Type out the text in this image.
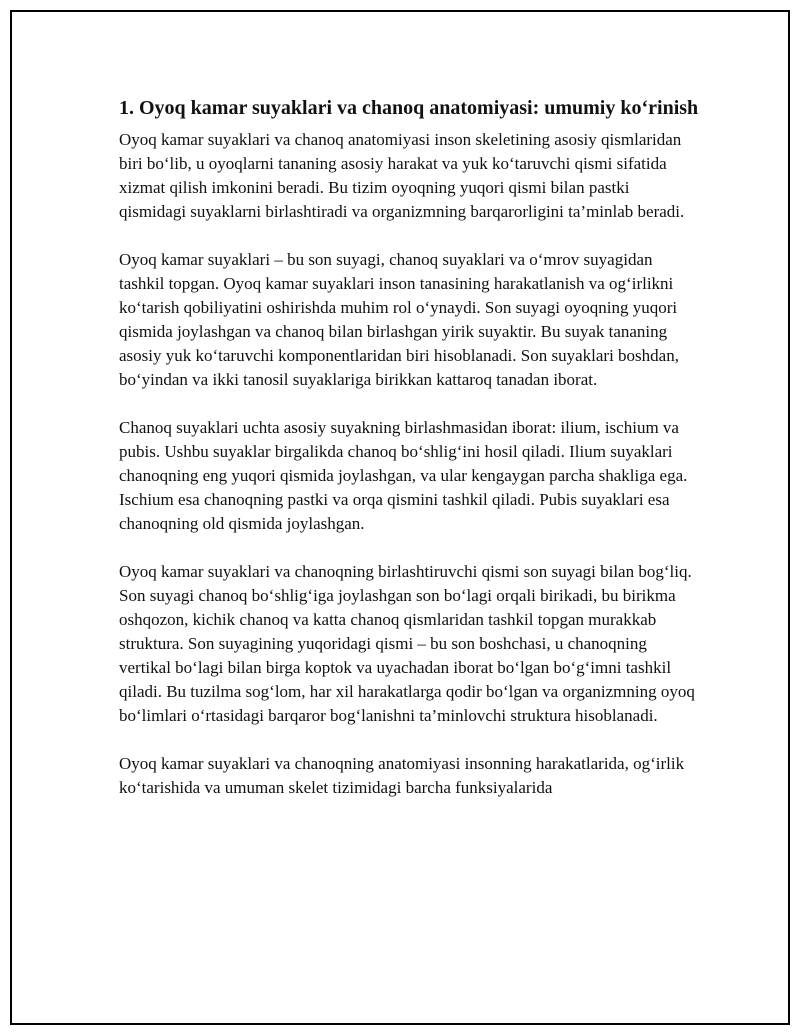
1. Oyoq kamar suyaklari va chanoq anatomiyasi: umumiy ko‘rinish

Oyoq kamar suyaklari va chanoq anatomiyasi inson skeletining asosiy qismlaridan biri bo‘lib, u oyoqlarni tananing asosiy harakat va yuk ko‘taruvchi qismi sifatida xizmat qilish imkonini beradi. Bu tizim oyoqning yuqori qismi bilan pastki qismidagi suyaklarni birlashtiradi va organizmning barqarorligini ta’minlab beradi.

Oyoq kamar suyaklari – bu son suyagi, chanoq suyaklari va o‘mrov suyagidan tashkil topgan. Oyoq kamar suyaklari inson tanasining harakatlanish va og‘irlikni ko‘tarish qobiliyatini oshirishda muhim rol o‘ynaydi. Son suyagi oyoqning yuqori qismida joylashgan va chanoq bilan birlashgan yirik suyaktir. Bu suyak tananing asosiy yuk ko‘taruvchi komponentlaridan biri hisoblanadi. Son suyaklari boshdan, bo‘yindan va ikki tanosil suyaklariga birikkan kattaroq tanadan iborat.

Chanoq suyaklari uchta asosiy suyakning birlashmasidan iborat: ilium, ischium va pubis. Ushbu suyaklar birgalikda chanoq bo‘shlig‘ini hosil qiladi. Ilium suyaklari chanoqning eng yuqori qismida joylashgan, va ular kengaygan parcha shakliga ega. Ischium esa chanoqning pastki va orqa qismini tashkil qiladi. Pubis suyaklari esa chanoqning old qismida joylashgan.

Oyoq kamar suyaklari va chanoqning birlashtiruvchi qismi son suyagi bilan bog‘liq. Son suyagi chanoq bo‘shlig‘iga joylashgan son bo‘lagi orqali birikadi, bu birikma oshqozon, kichik chanoq va katta chanoq qismlaridan tashkil topgan murakkab struktura. Son suyagining yuqoridagi qismi – bu son boshchasi, u chanoqning vertikal bo‘lagi bilan birga koptok va uyachadan iborat bo‘lgan bo‘g‘imni tashkil qiladi. Bu tuzilma sog‘lom, har xil harakatlarga qodir bo‘lgan va organizmning oyoq bo‘limlari o‘rtasidagi barqaror bog‘lanishni ta’minlovchi struktura hisoblanadi.

Oyoq kamar suyaklari va chanoqning anatomiyasi insonning harakatlarida, og‘irlik ko‘tarishida va umuman skelet tizimidagi barcha funksiyalarida
